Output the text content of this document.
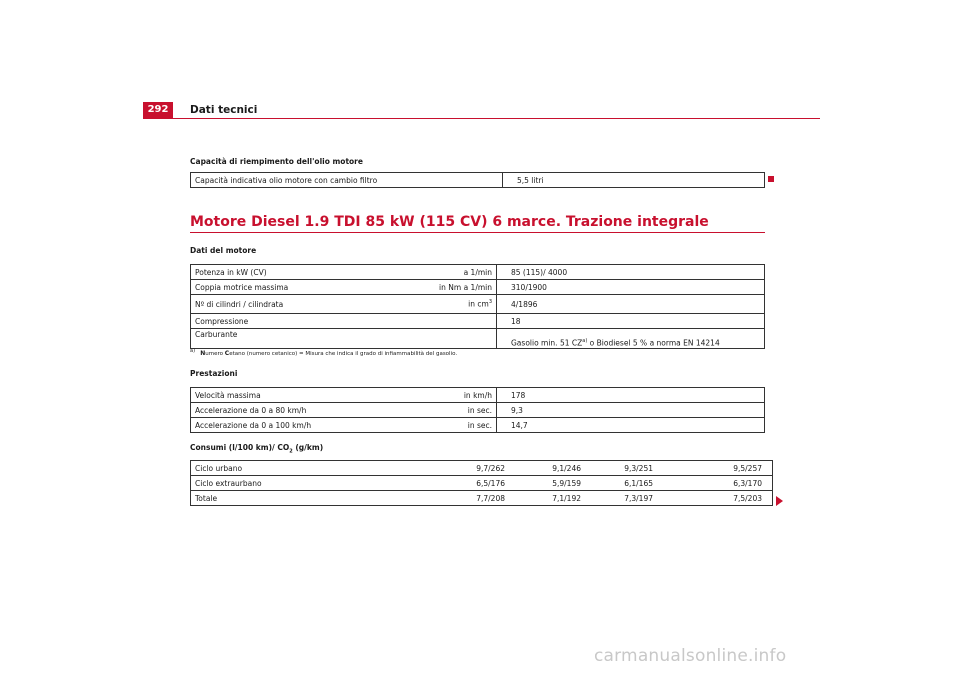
292	Dati tecnici
Capacità di riempimento dell'olio motore
Capacità indicativa olio motore con cambio filtro	5,5 litri
Motore Diesel 1.9 TDI 85 kW (115 CV) 6 marce. Trazione integrale
Dati del motore
Potenza in kW (CV)	a 1/min	85 (115)/ 4000
Coppia motrice massima	in Nm a 1/min	310/1900
Nº di cilindri / cilindrata	in $cm^3$	4/1896
Compressione		18
Carburante		Gasolio min. 51 CZ$^{a)}$ o Biodiesel 5 % a norma EN 14214
$^{a)}$ Numero Cetano (numero cetanico) = Misura che indica il grado di infiammabilità del gasolio.
Prestazioni
Velocità massima	in km/h	178
Accelerazione da 0 a 80 km/h	in sec.	9,3
Accelerazione da 0 a 100 km/h	in sec.	14,7
Consumi (l/100 km)/ $CO_2$ (g/km)
Ciclo urbano	9,7/262	9,1/246	9,3/251	9,5/257
Ciclo extraurbano	6,5/176	5,9/159	6,1/165	6,3/170
Totale	7,7/208	7,1/192	7,3/197	7,5/203
carmanualsonline.info
